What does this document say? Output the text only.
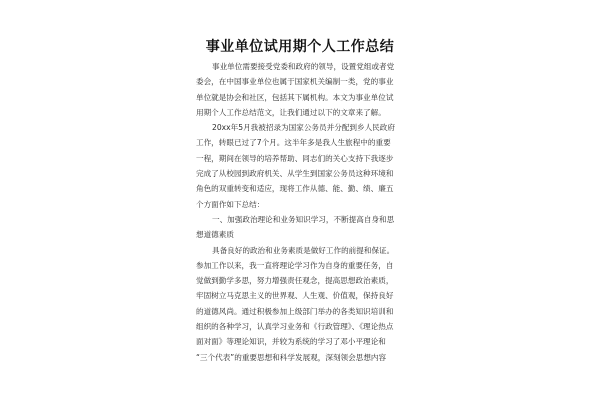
事业单位试用期个人工作总结
事业单位需要接受党委和政府的领导，设置党组或者党
委会，在中国事业单位也属于国家机关编制一类，党的事业
单位就是协会和社区，包括其下属机构。本文为事业单位试
用期个人工作总结范文，让我们通过以下的文章来了解。
20xx年5月我被招录为国家公务员并分配到乡人民政府
工作，转眼已过了7个月。这半年多是我人生旅程中的重要
一程，期间在领导的培养帮助、同志们的关心支持下我逐步
完成了从校园到政府机关、从学生到国家公务员这种环境和
角色的双重转变和适应，现将工作从德、能、勤、绩、廉五
个方面作如下总结：
一、加强政治理论和业务知识学习，不断提高自身和思
想道德素质
具备良好的政治和业务素质是做好工作的前提和保证。
参加工作以来，我一直将理论学习作为自身的重要任务，自
觉做到勤学多思，努力增强责任观念，提高思想政治素质，
牢固树立马克思主义的世界观、人生观、价值观，保持良好
的道德风尚。通过积极参加上级部门举办的各类知识培训和
组织的各种学习，认真学习业务和《行政管理》、《理论热点
面对面》等理论知识，并较为系统的学习了邓小平理论和
“三个代表”的重要思想和科学发展观，深刻领会思想内容
